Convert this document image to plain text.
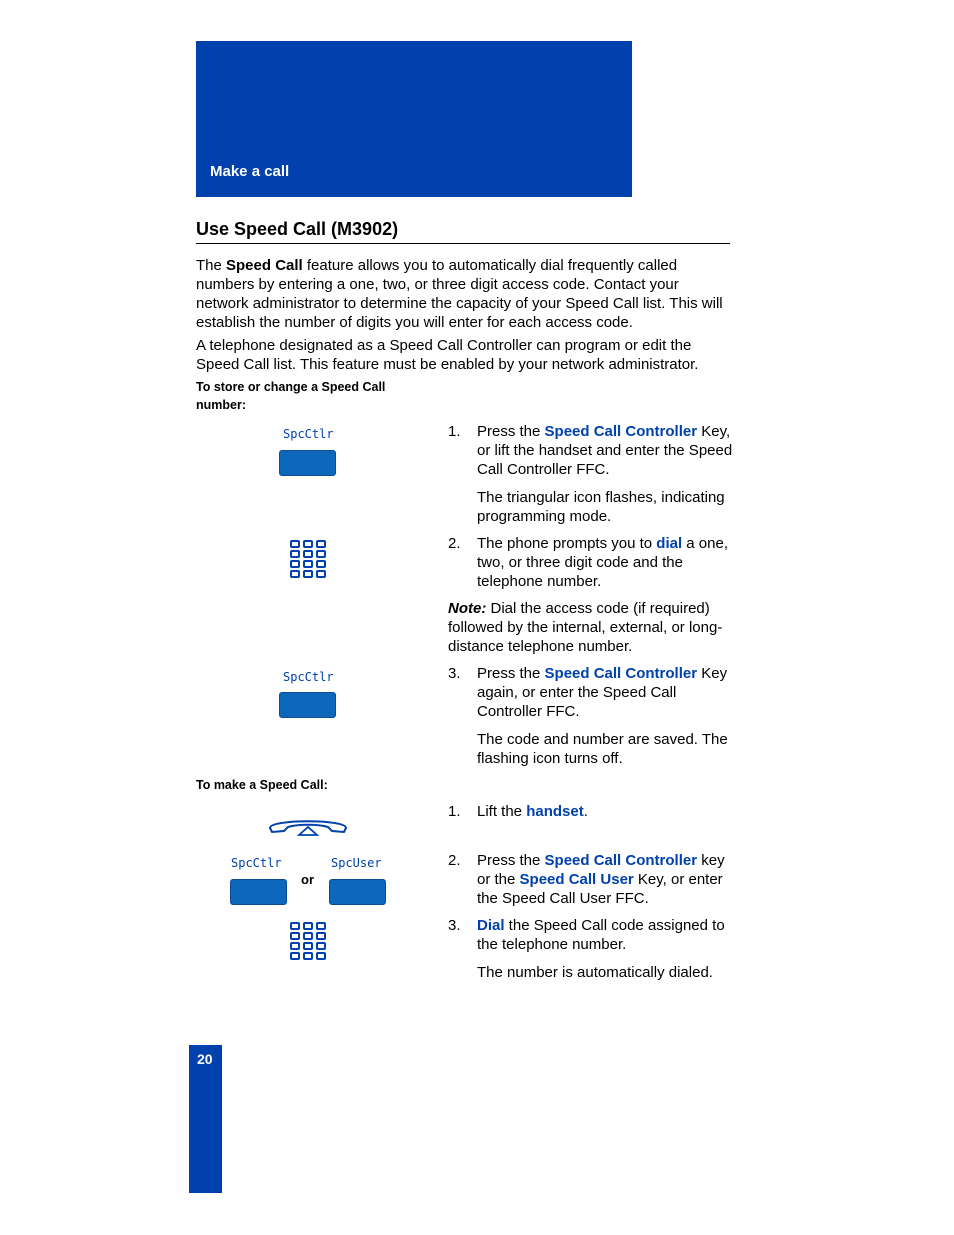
Make a call
Use Speed Call (M3902)

The Speed Call feature allows you to automatically dial frequently called numbers by entering a one, two, or three digit access code. Contact your network administrator to determine the capacity of your Speed Call list. This will establish the number of digits you will enter for each access code.

A telephone designated as a Speed Call Controller can program or edit the Speed Call list. This feature must be enabled by your network administrator.

To store or change a Speed Call
number:
SpcCtlr
SpcCtlr
1. Press the Speed Call Controller Key, or lift the handset and enter the Speed Call Controller FFC.
The triangular icon flashes, indicating programming mode.
2. The phone prompts you to dial a one, two, or three digit code and the telephone number.
Note: Dial the access code (if required) followed by the internal, external, or long-distance telephone number.
3. Press the Speed Call Controller Key again, or enter the Speed Call Controller FFC.
The code and number are saved. The flashing icon turns off.
To make a Speed Call:
SpcCtlr	SpcUser
or
1. Lift the handset.
2. Press the Speed Call Controller key or the Speed Call User Key, or enter the Speed Call User FFC.
3. Dial the Speed Call code assigned to the telephone number.
The number is automatically dialed.
20
